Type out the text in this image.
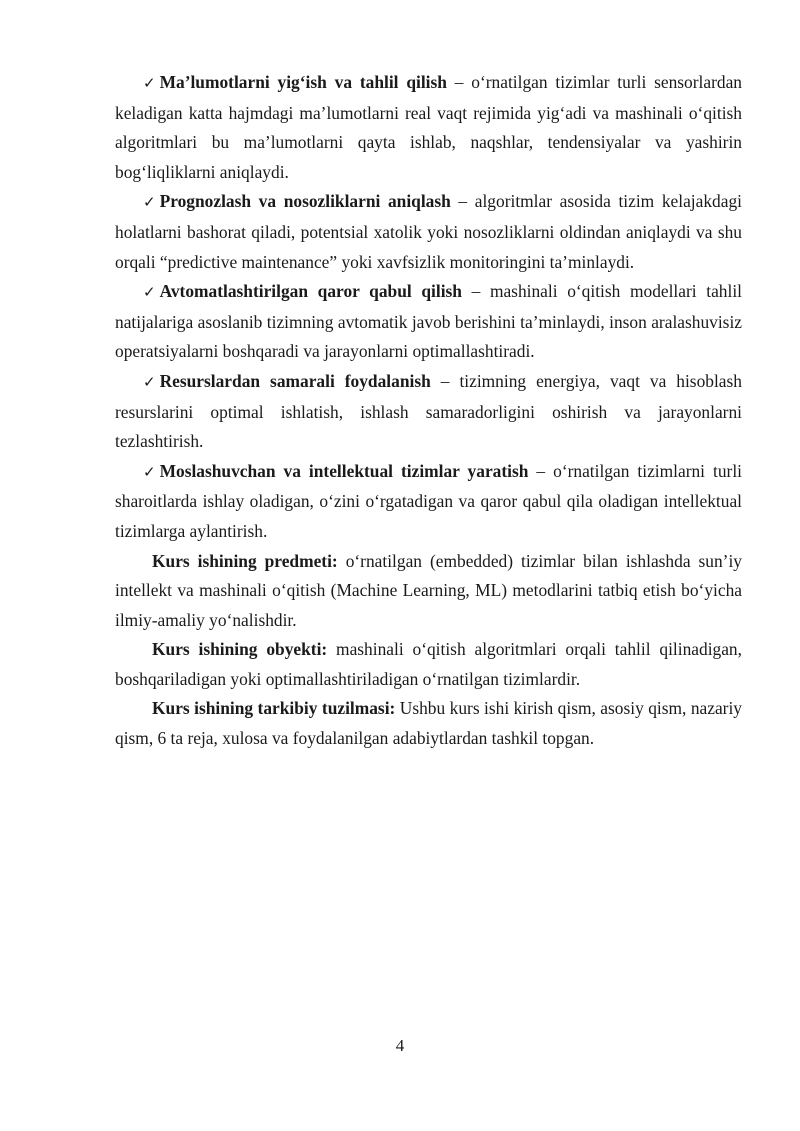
✓ Ma’lumotlarni yig‘ish va tahlil qilish – o‘rnatilgan tizimlar turli sensorlardan keladigan katta hajmdagi ma’lumotlarni real vaqt rejimida yig‘adi va mashinali o‘qitish algoritmlari bu ma’lumotlarni qayta ishlab, naqshlar, tendensiyalar va yashirin bog‘liqliklarni aniqlaydi.

✓ Prognozlash va nosozliklarni aniqlash – algoritmlar asosida tizim kelajakdagi holatlarni bashorat qiladi, potentsial xatolik yoki nosozliklarni oldindan aniqlaydi va shu orqali “predictive maintenance” yoki xavfsizlik monitoringini ta’minlaydi.

✓ Avtomatlashtirilgan qaror qabul qilish – mashinali o‘qitish modellari tahlil natijalariga asoslanib tizimning avtomatik javob berishini ta’minlaydi, inson aralashuvisiz operatsiyalarni boshqaradi va jarayonlarni optimallashtiradi.

✓ Resurslardan samarali foydalanish – tizimning energiya, vaqt va hisoblash resurslarini optimal ishlatish, ishlash samaradorligini oshirish va jarayonlarni tezlashtirish.

✓ Moslashuvchan va intellektual tizimlar yaratish – o‘rnatilgan tizimlarni turli sharoitlarda ishlay oladigan, o‘zini o‘rgatadigan va qaror qabul qila oladigan intellektual tizimlarga aylantirish.

Kurs ishining predmeti: o‘rnatilgan (embedded) tizimlar bilan ishlashda sun’iy intellekt va mashinali o‘qitish (Machine Learning, ML) metodlarini tatbiq etish bo‘yicha ilmiy-amaliy yo‘nalishdir.

Kurs ishining obyekti: mashinali o‘qitish algoritmlari orqali tahlil qilinadigan, boshqariladigan yoki optimallashtiriladigan o‘rnatilgan tizimlardir.

Kurs ishining tarkibiy tuzilmasi: Ushbu kurs ishi kirish qism, asosiy qism, nazariy qism, 6 ta reja, xulosa va foydalanilgan adabiytlardan tashkil topgan.

4
